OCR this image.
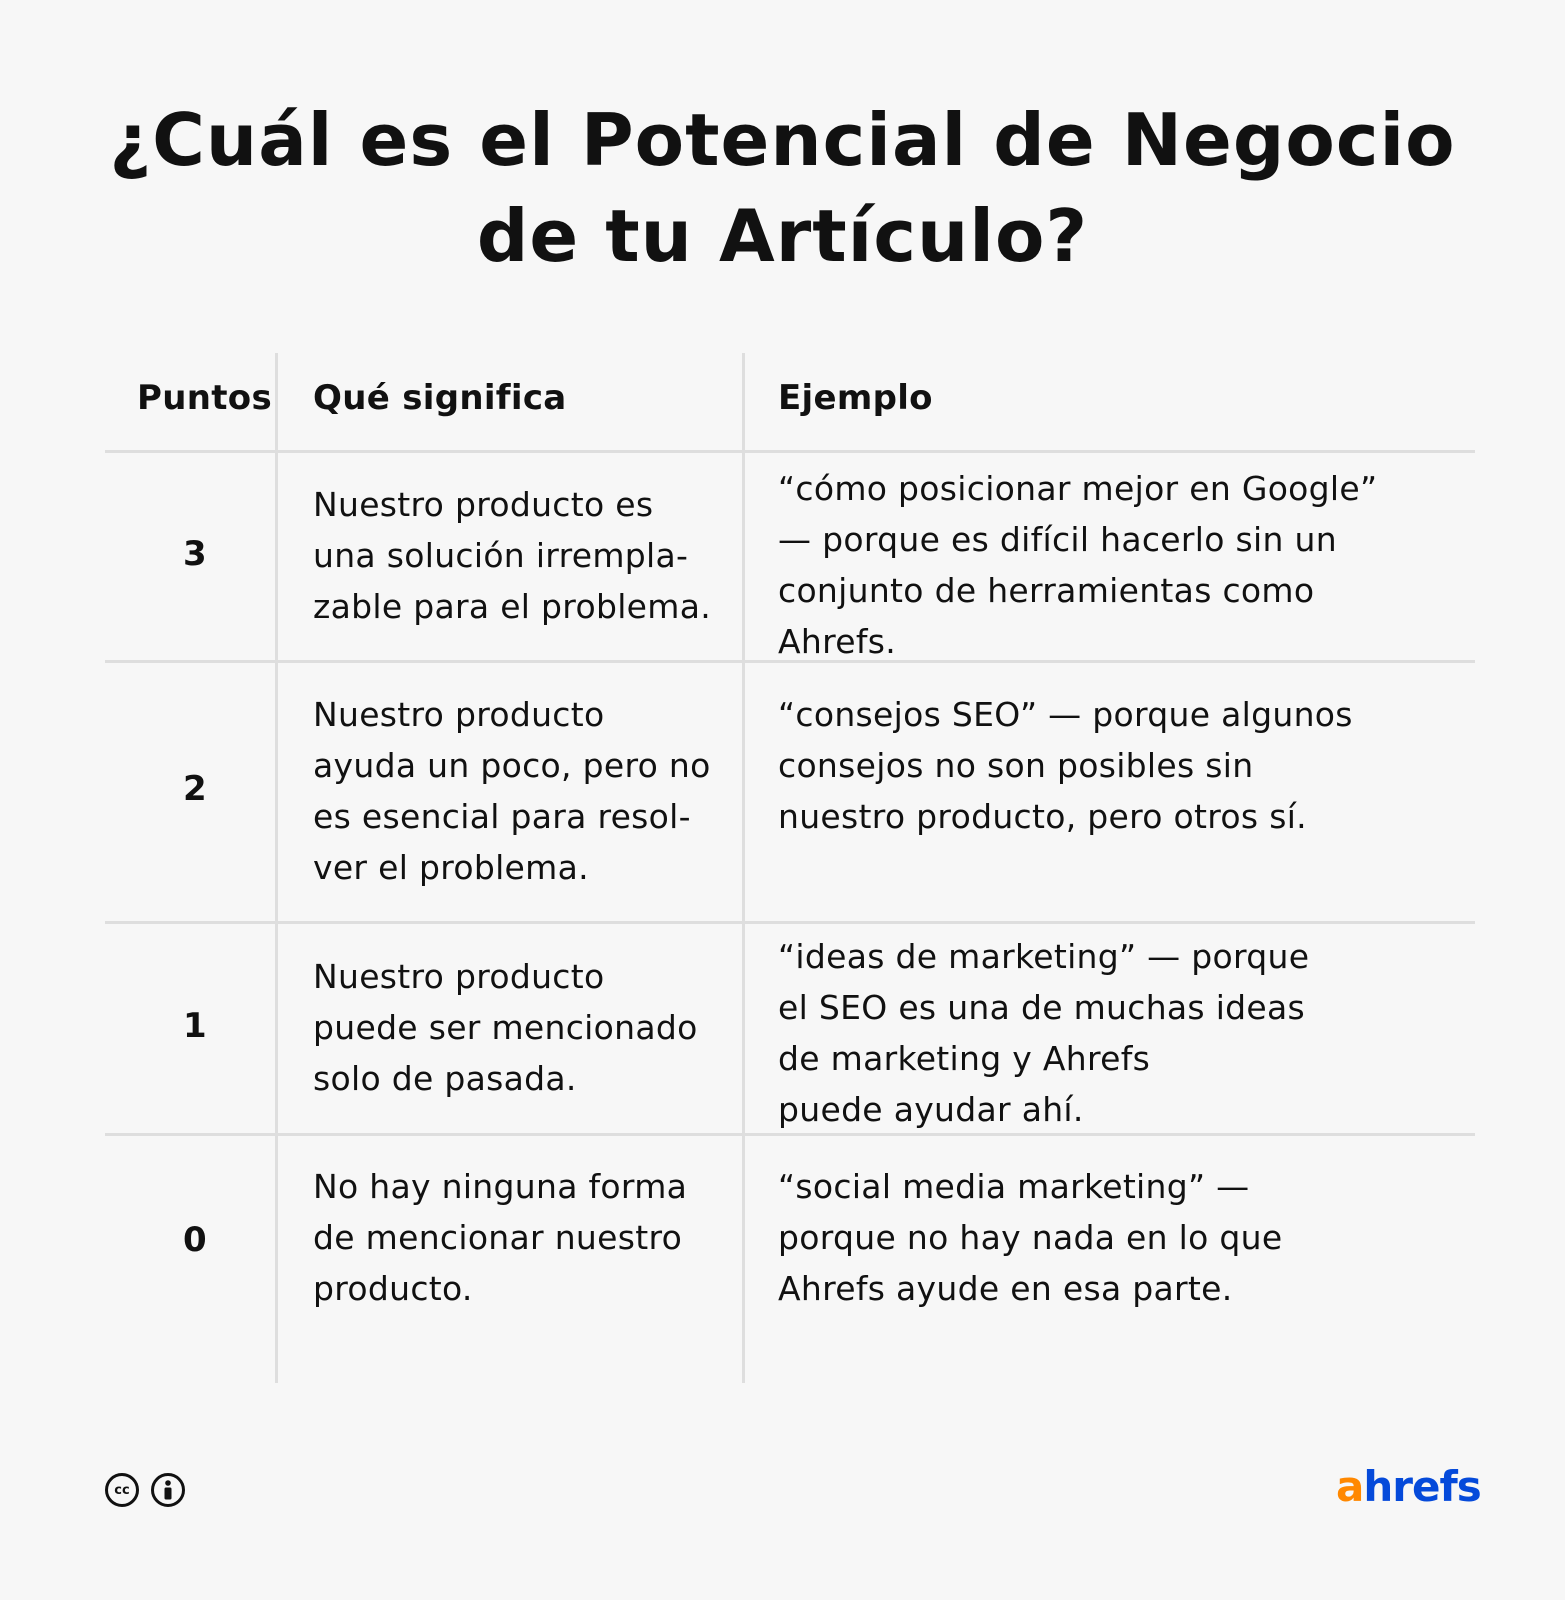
¿Cuál es el Potencial de Negocio
de tu Artículo?
Puntos Qué significa	Ejemplo
3
Nuestro producto es
una solución irrempla-
zable para el problema.
“cómo posicionar mejor en Google”
— porque es difícil hacerlo sin un
conjunto de herramientas como
Ahrefs.
2
Nuestro producto
ayuda un poco, pero no
es esencial para resol-
ver el problema.
“consejos SEO” — porque algunos
consejos no son posibles sin
nuestro producto, pero otros sí.
1
Nuestro producto
puede ser mencionado
solo de pasada.
“ideas de marketing” — porque
el SEO es una de muchas ideas
de marketing y Ahrefs
puede ayudar ahí.
0
No hay ninguna forma
de mencionar nuestro
producto.
“social media marketing” —
porque no hay nada en lo que
Ahrefs ayude en esa parte.
cc	ahrefs
